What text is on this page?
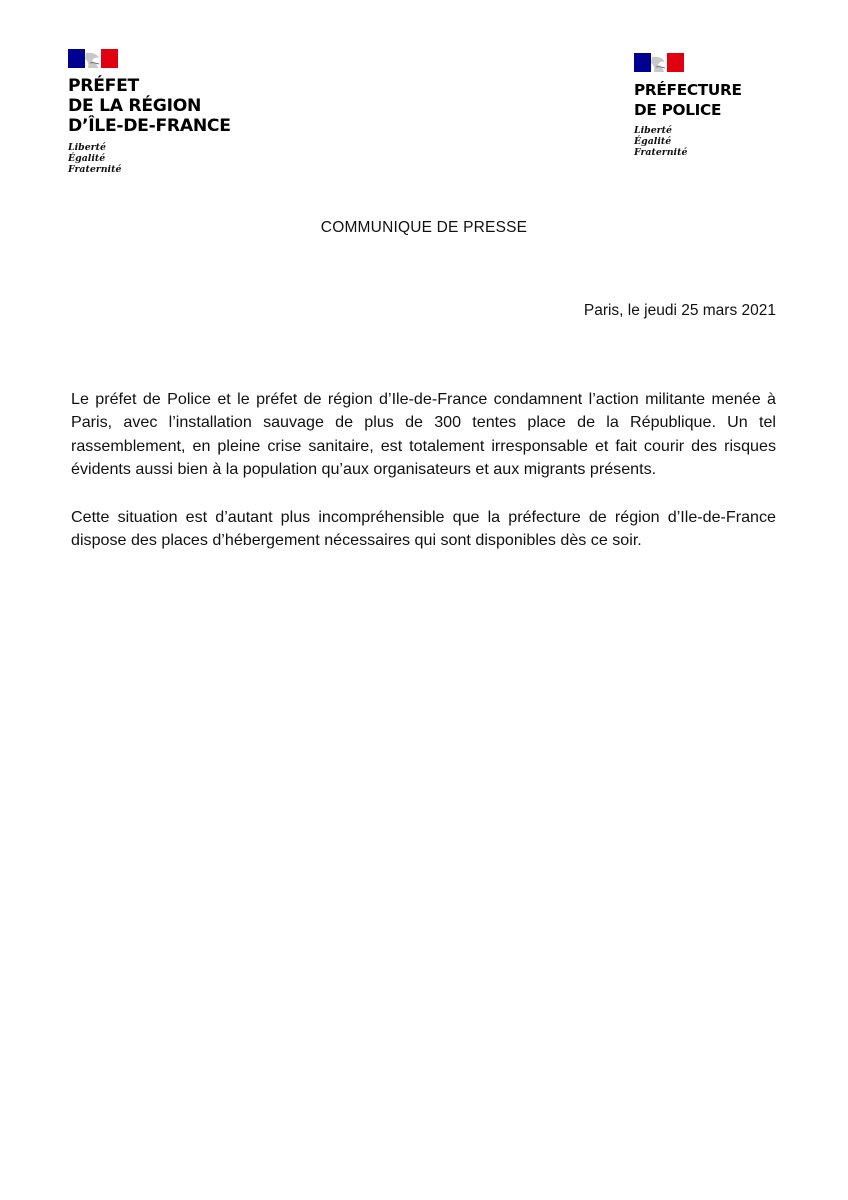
PRÉFET
DE LA RÉGION
D’ÎLE-DE-FRANCE
Liberté
Égalité
Fraternité
PRÉFECTURE
DE POLICE
Liberté
Égalité
Fraternité
COMMUNIQUE DE PRESSE
Paris, le jeudi 25 mars 2021

Le préfet de Police et le préfet de région d’Ile-de-France condamnent l’action militante menée à Paris, avec l’installation sauvage de plus de 300 tentes place de la République. Un tel rassemblement, en pleine crise sanitaire, est totalement irresponsable et fait courir des risques évidents aussi bien à la population qu’aux organisateurs et aux migrants présents.

Cette situation est d’autant plus incompréhensible que la préfecture de région d’Ile-de-France dispose des places d’hébergement nécessaires qui sont disponibles dès ce soir.
